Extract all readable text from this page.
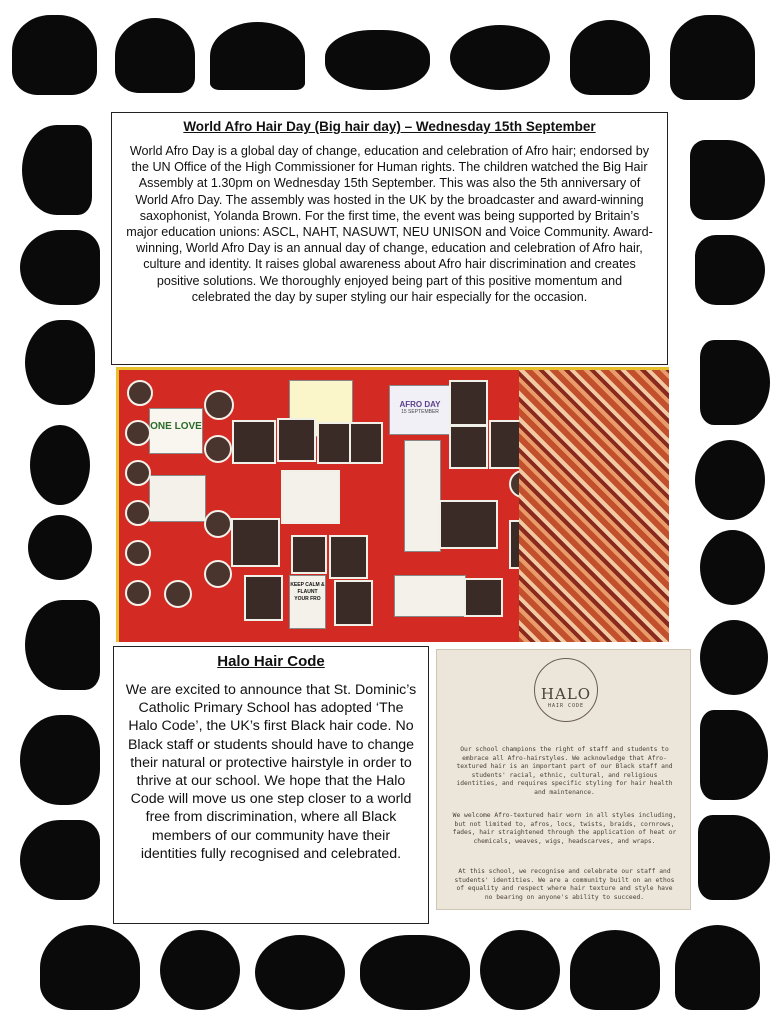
World Afro Hair Day (Big hair day) – Wednesday 15th September

World Afro Day is a global day of change, education and celebration of Afro hair; endorsed by the UN Office of the High Commissioner for Human rights. The children watched the Big Hair Assembly at 1.30pm on Wednesday 15th September. This was also the 5th anniversary of World Afro Day. The assembly was hosted in the UK by the broadcaster and award-winning saxophonist, Yolanda Brown. For the first time, the event was being supported by Britain’s major education unions: ASCL, NAHT, NASUWT, NEU UNISON and Voice Community. Award-winning, World Afro Day is an annual day of change, education and celebration of Afro hair, culture and identity. It raises global awareness about Afro hair discrimination and creates positive solutions. We thoroughly enjoyed being part of this positive momentum and celebrated the day by super styling our hair especially for the occasion.

ONE LOVE
AFRO DAY
15 SEPTEMBER
KEEP CALM & FLAUNT YOUR FRO

Halo Hair Code

We are excited to announce that St. Dominic’s Catholic Primary School has adopted ‘The Halo Code’, the UK’s first Black hair code. No Black staff or students should have to change their natural or protective hairstyle in order to thrive at our school. We hope that the Halo Code will move us one step closer to a world free from discrimination, where all Black members of our community have their identities fully recognised and celebrated.

HALO
HAIR CODE

Our school champions the right of staff and students to embrace all Afro-hairstyles. We acknowledge that Afro-textured hair is an important part of our Black staff and students' racial, ethnic, cultural, and religious identities, and requires specific styling for hair health and maintenance.

We welcome Afro-textured hair worn in all styles including, but not limited to, afros, locs, twists, braids, cornrows, fades, hair straightened through the application of heat or chemicals, weaves, wigs, headscarves, and wraps.

At this school, we recognise and celebrate our staff and students' identities. We are a community built on an ethos of equality and respect where hair texture and style have no bearing on anyone's ability to succeed.
